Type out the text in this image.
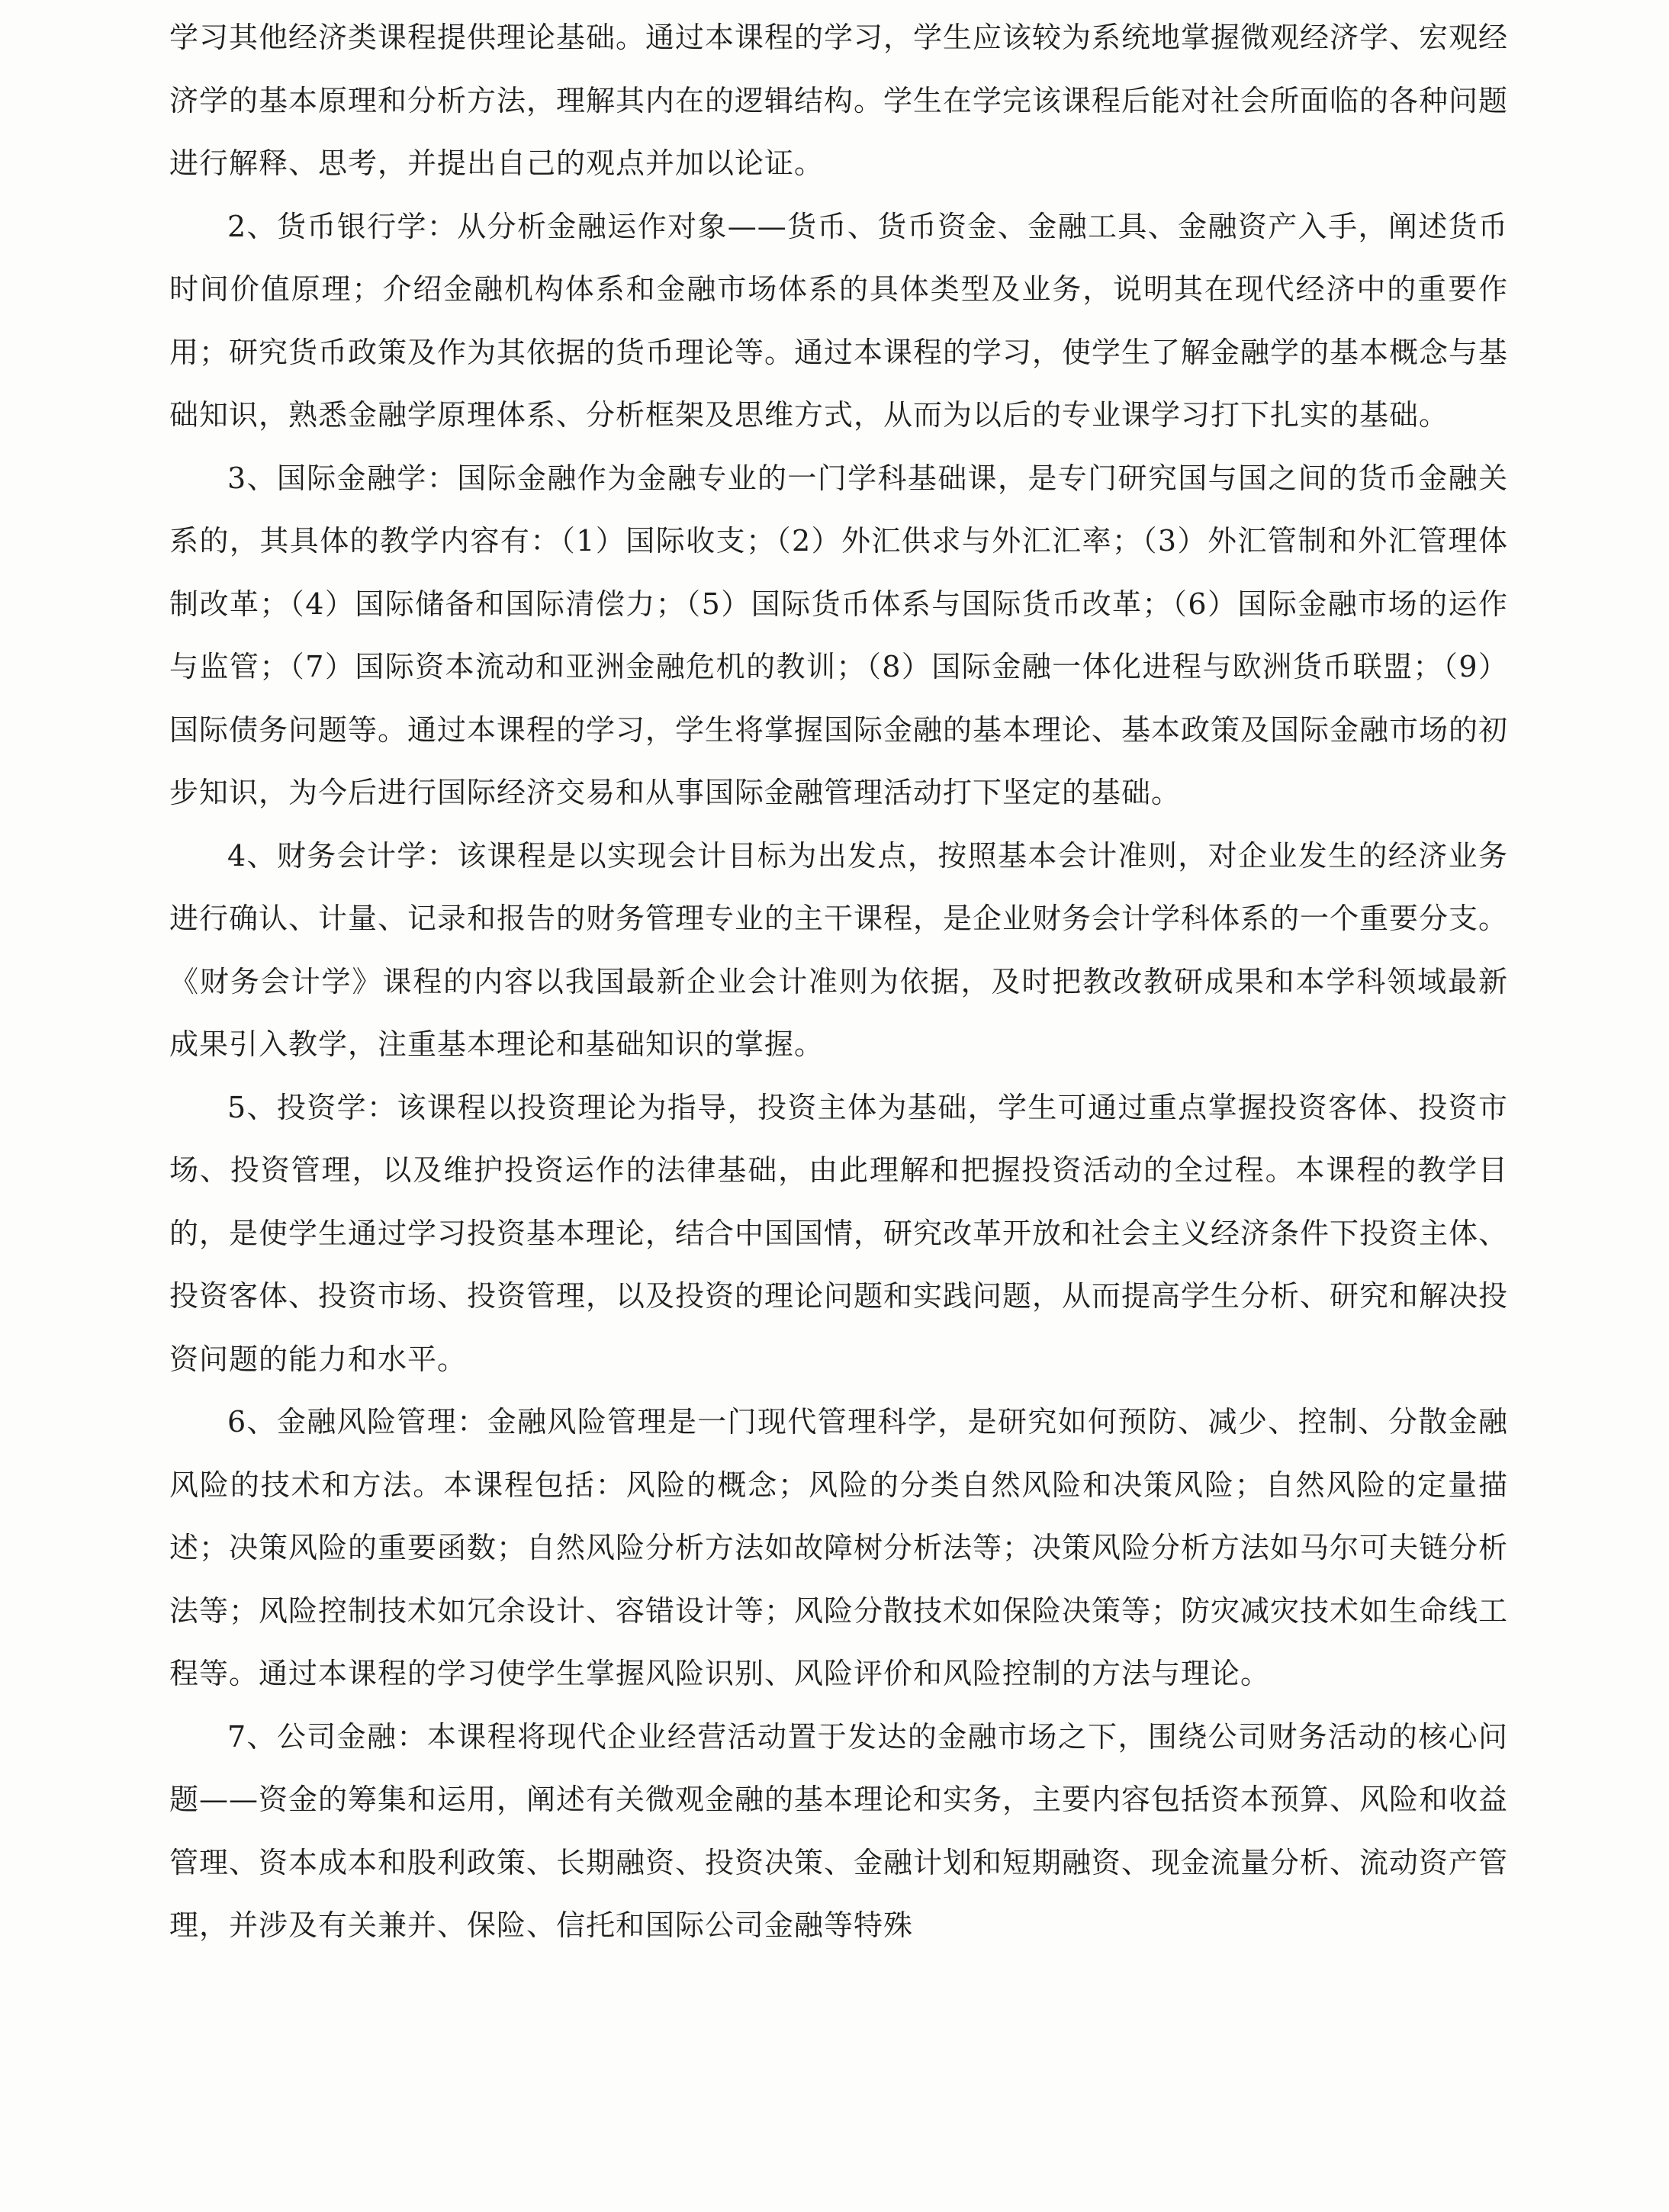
学习其他经济类课程提供理论基础。通过本课程的学习，学生应该较为系统地掌握微观经济学、宏观经济学的基本原理和分析方法，理解其内在的逻辑结构。学生在学完该课程后能对社会所面临的各种问题进行解释、思考，并提出自己的观点并加以论证。

2、货币银行学：从分析金融运作对象——货币、货币资金、金融工具、金融资产入手，阐述货币时间价值原理；介绍金融机构体系和金融市场体系的具体类型及业务，说明其在现代经济中的重要作用；研究货币政策及作为其依据的货币理论等。通过本课程的学习，使学生了解金融学的基本概念与基础知识，熟悉金融学原理体系、分析框架及思维方式，从而为以后的专业课学习打下扎实的基础。

3、国际金融学：国际金融作为金融专业的一门学科基础课，是专门研究国与国之间的货币金融关系的，其具体的教学内容有：（1）国际收支；（2）外汇供求与外汇汇率；（3）外汇管制和外汇管理体制改革；（4）国际储备和国际清偿力；（5）国际货币体系与国际货币改革；（6）国际金融市场的运作与监管；（7）国际资本流动和亚洲金融危机的教训；（8）国际金融一体化进程与欧洲货币联盟；（9）国际债务问题等。通过本课程的学习，学生将掌握国际金融的基本理论、基本政策及国际金融市场的初步知识，为今后进行国际经济交易和从事国际金融管理活动打下坚定的基础。

4、财务会计学：该课程是以实现会计目标为出发点，按照基本会计准则，对企业发生的经济业务进行确认、计量、记录和报告的财务管理专业的主干课程，是企业财务会计学科体系的一个重要分支。《财务会计学》课程的内容以我国最新企业会计准则为依据，及时把教改教研成果和本学科领域最新成果引入教学，注重基本理论和基础知识的掌握。

5、投资学：该课程以投资理论为指导，投资主体为基础，学生可通过重点掌握投资客体、投资市场、投资管理，以及维护投资运作的法律基础，由此理解和把握投资活动的全过程。本课程的教学目的，是使学生通过学习投资基本理论，结合中国国情，研究改革开放和社会主义经济条件下投资主体、投资客体、投资市场、投资管理，以及投资的理论问题和实践问题，从而提高学生分析、研究和解决投资问题的能力和水平。

6、金融风险管理：金融风险管理是一门现代管理科学，是研究如何预防、减少、控制、分散金融风险的技术和方法。本课程包括：风险的概念；风险的分类自然风险和决策风险；自然风险的定量描述；决策风险的重要函数；自然风险分析方法如故障树分析法等；决策风险分析方法如马尔可夫链分析法等；风险控制技术如冗余设计、容错设计等；风险分散技术如保险决策等；防灾减灾技术如生命线工程等。通过本课程的学习使学生掌握风险识别、风险评价和风险控制的方法与理论。

7、公司金融：本课程将现代企业经营活动置于发达的金融市场之下，围绕公司财务活动的核心问题——资金的筹集和运用，阐述有关微观金融的基本理论和实务，主要内容包括资本预算、风险和收益管理、资本成本和股利政策、长期融资、投资决策、金融计划和短期融资、现金流量分析、流动资产管理，并涉及有关兼并、保险、信托和国际公司金融等特殊
